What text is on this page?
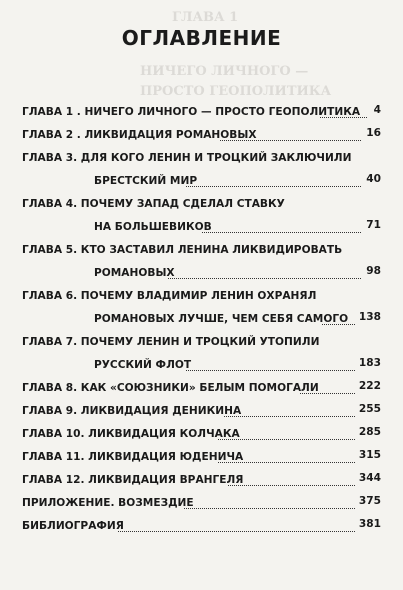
ГЛАВА 1
НИЧЕГО ЛИЧНОГО —
ПРОСТО ГЕОПОЛИТИКА
ОГЛАВЛЕНИЕ
ГЛАВА 1 . НИЧЕГО ЛИЧНОГО — ПРОСТО ГЕОПОЛИТИКА	4
ГЛАВА 2 . ЛИКВИДАЦИЯ РОМАНОВЫХ	16
ГЛАВА 3. ДЛЯ КОГО ЛЕНИН И ТРОЦКИЙ ЗАКЛЮЧИЛИ
БРЕСТСКИЙ МИР	40
ГЛАВА 4. ПОЧЕМУ ЗАПАД СДЕЛАЛ СТАВКУ
НА БОЛЬШЕВИКОВ	71
ГЛАВА 5. КТО ЗАСТАВИЛ ЛЕНИНА ЛИКВИДИРОВАТЬ
РОМАНОВЫХ	98
ГЛАВА 6. ПОЧЕМУ ВЛАДИМИР ЛЕНИН ОХРАНЯЛ
РОМАНОВЫХ ЛУЧШЕ, ЧЕМ СЕБЯ САМОГО	138
ГЛАВА 7. ПОЧЕМУ ЛЕНИН И ТРОЦКИЙ УТОПИЛИ
РУССКИЙ ФЛОТ	183
ГЛАВА 8. КАК «СОЮЗНИКИ» БЕЛЫМ ПОМОГАЛИ	222
ГЛАВА 9. ЛИКВИДАЦИЯ ДЕНИКИНА	255
ГЛАВА 10. ЛИКВИДАЦИЯ КОЛЧАКА	285
ГЛАВА 11. ЛИКВИДАЦИЯ ЮДЕНИЧА	315
ГЛАВА 12. ЛИКВИДАЦИЯ ВРАНГЕЛЯ	344
ПРИЛОЖЕНИЕ. ВОЗМЕЗДИЕ	375
БИБЛИОГРАФИЯ	381
